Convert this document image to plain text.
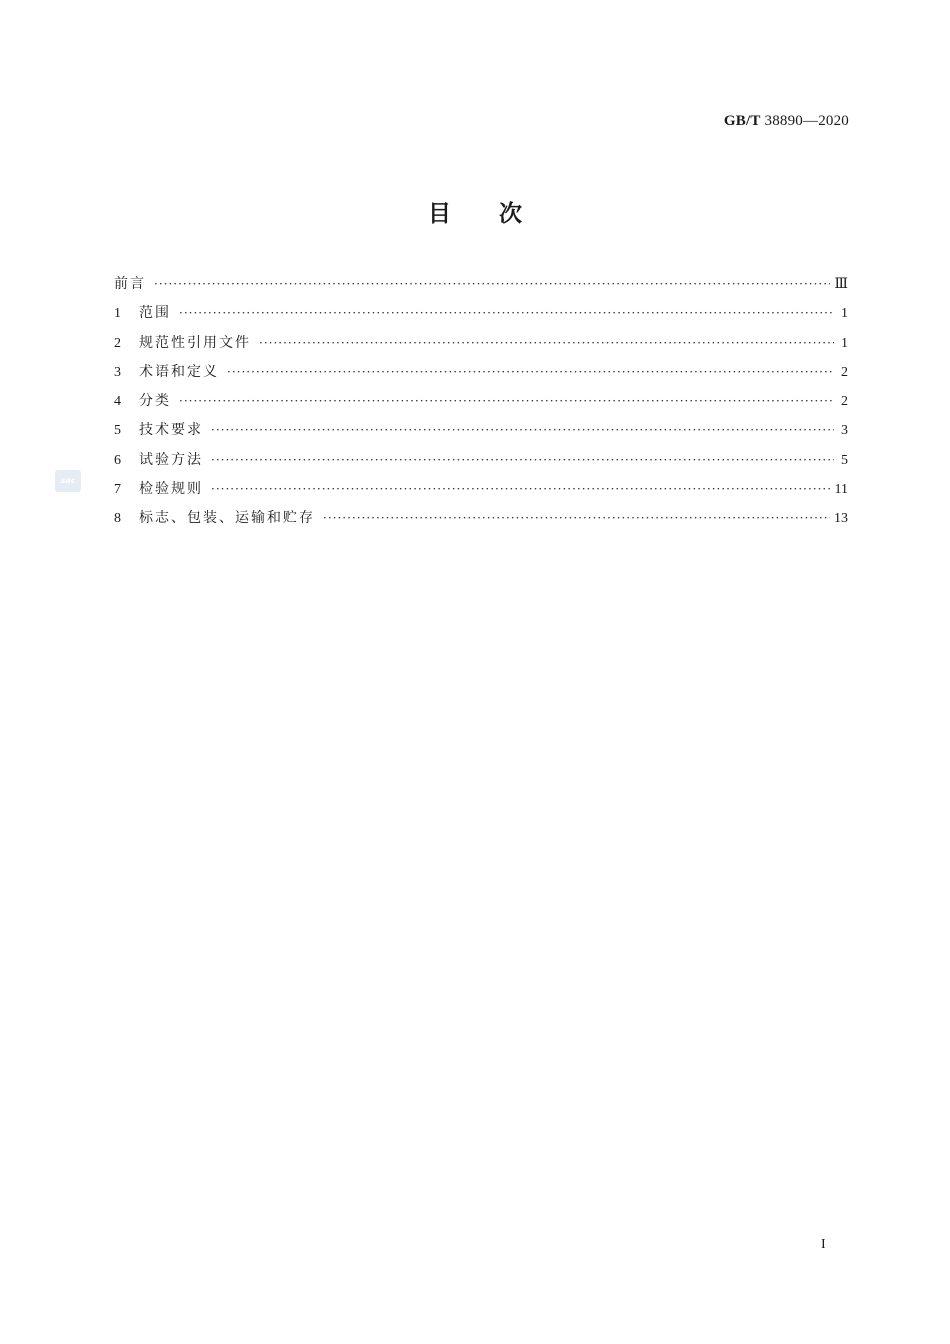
GB/T 38890—2020
目次
sac
前言 ·····	Ⅲ
1	范围 ·····	1
2	规范性引用文件 ·····	1
3	术语和定义 ·····	2
4	分类 ·····	2
5	技术要求 ·····	3
6	试验方法 ·····	5
7	检验规则 ·····	11
8	标志、包装、运输和贮存 ·····	13
I
